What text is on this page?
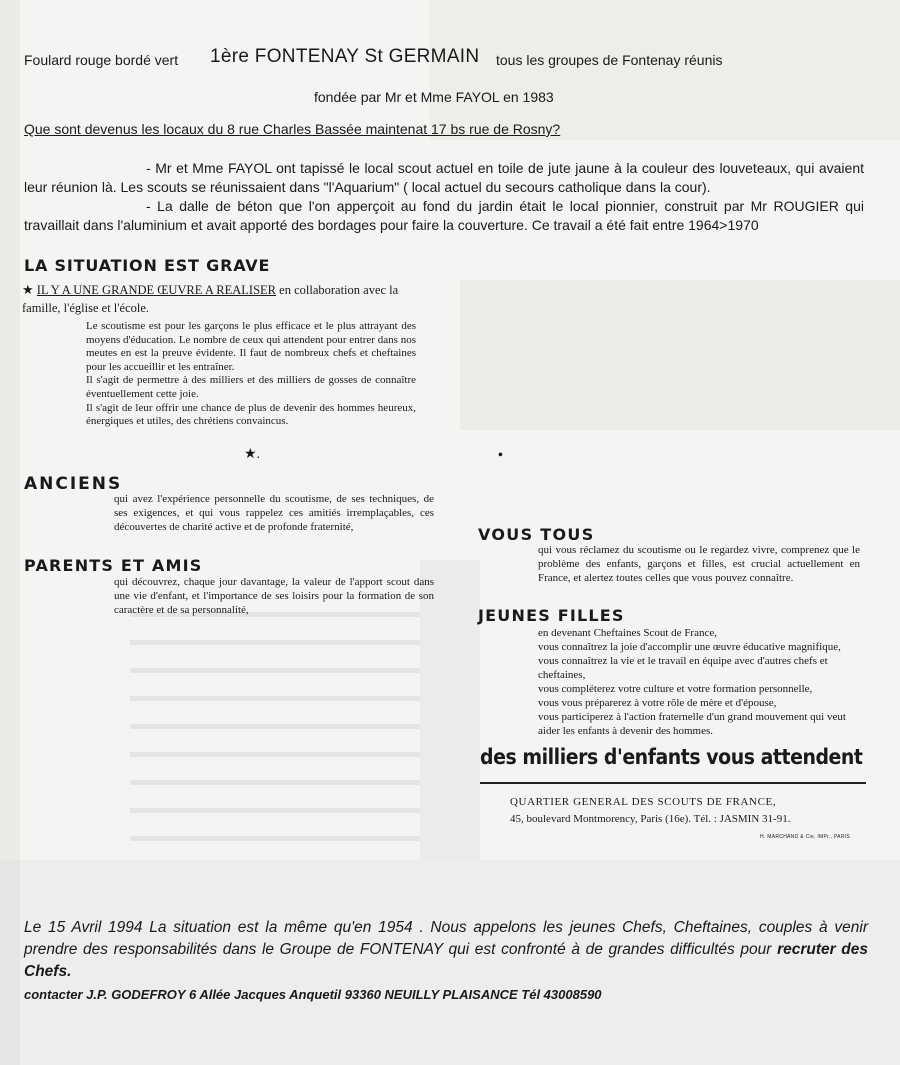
Foulard rouge bordé vert 1ère FONTENAY St GERMAIN tous les groupes de Fontenay réunis
fondée par Mr et Mme FAYOL en 1983
Que sont devenus les locaux du 8 rue Charles Bassée maintenat 17 bs rue de Rosny?
- Mr et Mme FAYOL ont tapissé le local scout actuel en toile de jute jaune à la couleur des louveteaux, qui avaient leur réunion là. Les scouts se réunissaient dans "l'Aquarium" ( local actuel du secours catholique dans la cour).
- La dalle de béton que l'on apperçoit au fond du jardin était le local pionnier, construit par Mr ROUGIER qui travaillait dans l'aluminium et avait apporté des bordages pour faire la couverture. Ce travail a été fait entre 1964>1970
LA SITUATION EST GRAVE
★ IL Y A UNE GRANDE ŒUVRE A REALISER en collaboration avec la famille, l'église et l'école.

Le scoutisme est pour les garçons le plus efficace et le plus attrayant des moyens d'éducation. Le nombre de ceux qui attendent pour entrer dans nos meutes en est la preuve évidente. Il faut de nombreux chefs et cheftaines pour les accueillir et les entraîner.

Il s'agit de permettre à des milliers et des milliers de gosses de connaître éventuellement cette joie.

Il s'agit de leur offrir une chance de plus de devenir des hommes heureux, énergiques et utiles, des chrétiens convaincus.

★.	•
ANCIENS
qui avez l'expérience personnelle du scoutisme, de ses techniques, de ses exigences, et qui vous rappelez ces amitiés irremplaçables, ces découvertes de charité active et de profonde fraternité,
PARENTS ET AMIS
qui découvrez, chaque jour davantage, la valeur de l'apport scout dans une vie d'enfant, et l'importance de ses loisirs pour la formation de son caractère et de sa personnalité,
VOUS TOUS
qui vous réclamez du scoutisme ou le regardez vivre, comprenez que le problème des enfants, garçons et filles, est crucial actuellement en France, et alertez toutes celles que vous pouvez connaître.
JEUNES FILLES
en devenant Cheftaines Scout de France,
vous connaîtrez la joie d'accomplir une œuvre éducative magnifique,
vous connaîtrez la vie et le travail en équipe avec d'autres chefs et cheftaines,
vous compléterez votre culture et votre formation personnelle,
vous vous préparerez à votre rôle de mère et d'épouse,
vous participerez à l'action fraternelle d'un grand mouvement qui veut aider les enfants à devenir des hommes.
des milliers d'enfants vous attendent
QUARTIER GENERAL DES SCOUTS DE FRANCE,
45, boulevard Montmorency, Paris (16e). Tél. : JASMIN 31-91.
H. MARCHAND & Cie, IMPr., PARIS
Le 15 Avril 1994 La situation est la même qu'en 1954 . Nous appelons les jeunes Chefs, Cheftaines, couples à venir prendre des responsabilités dans le Groupe de FONTENAY qui est confronté à de grandes difficultés pour recruter des Chefs.
contacter J.P. GODEFROY 6 Allée Jacques Anquetil 93360 NEUILLY PLAISANCE Tél 43008590
